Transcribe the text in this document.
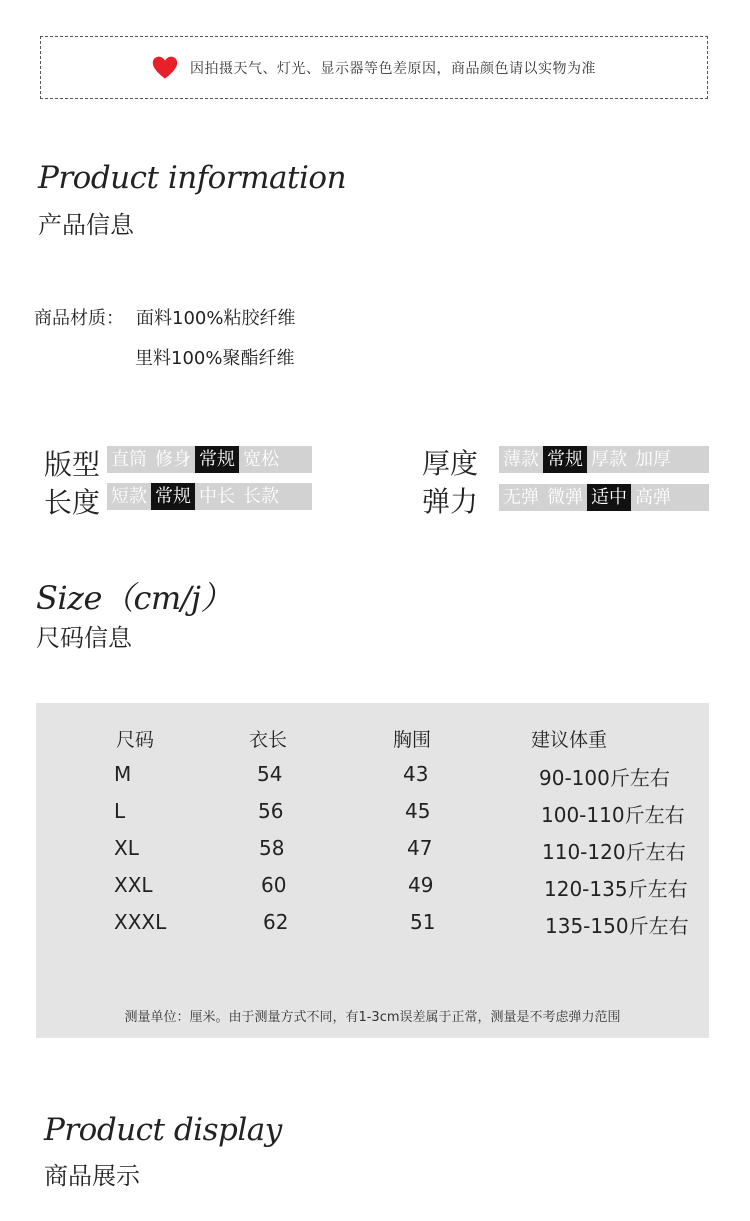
因拍摄天气、灯光、显示器等色差原因，商品颜色请以实物为准
Product information
产品信息
商品材质： 面料100%粘胶纤维
里料100%聚酯纤维
版型 直筒 修身 常规 宽松
长度 短款 常规 中长 长款
厚度 薄款 常规 厚款 加厚
弹力 无弹 微弹 适中 高弹
Size（cm/j）
尺码信息
尺码	衣长	胸围	建议体重
M	54	43	90-100斤左右
L	56	45	100-110斤左右
XL	58	47	110-120斤左右
XXL	60	49	120-135斤左右
XXXL	62	51	135-150斤左右
测量单位：厘米。由于测量方式不同，有1-3cm误差属于正常，测量是不考虑弹力范围
Product display
商品展示
